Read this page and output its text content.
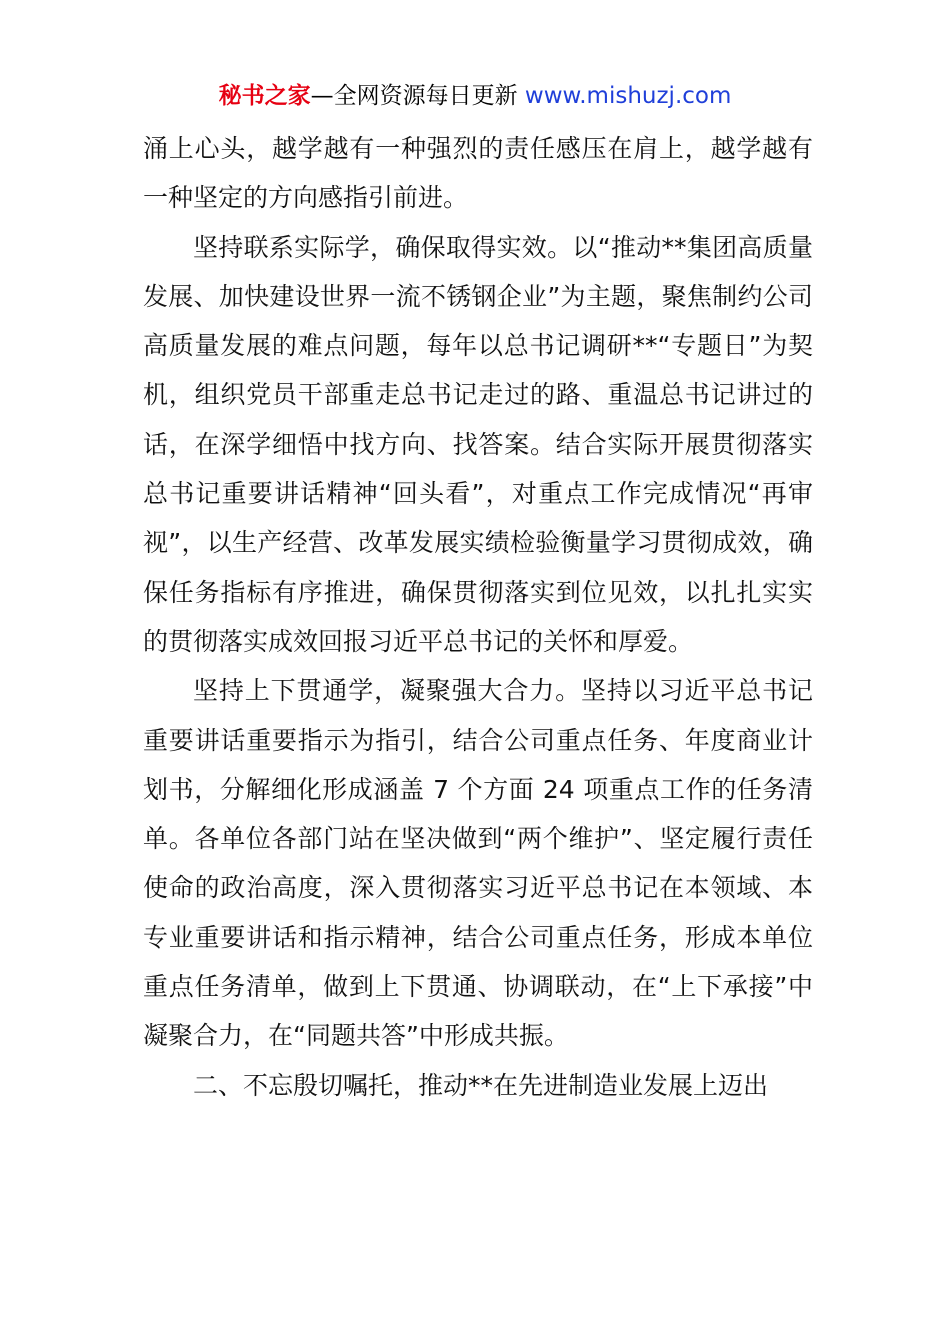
秘书之家—全网资源每日更新 www.mishuzj.com

涌上心头，越学越有一种强烈的责任感压在肩上，越学越有一种坚定的方向感指引前进。

坚持联系实际学，确保取得实效。以“推动**集团高质量发展、加快建设世界一流不锈钢企业”为主题，聚焦制约公司高质量发展的难点问题，每年以总书记调研**“专题日”为契机，组织党员干部重走总书记走过的路、重温总书记讲过的话，在深学细悟中找方向、找答案。结合实际开展贯彻落实总书记重要讲话精神“回头看”，对重点工作完成情况“再审视”，以生产经营、改革发展实绩检验衡量学习贯彻成效，确保任务指标有序推进，确保贯彻落实到位见效，以扎扎实实的贯彻落实成效回报习近平总书记的关怀和厚爱。

坚持上下贯通学，凝聚强大合力。坚持以习近平总书记重要讲话重要指示为指引，结合公司重点任务、年度商业计划书，分解细化形成涵盖 7 个方面 24 项重点工作的任务清单。各单位各部门站在坚决做到“两个维护”、坚定履行责任使命的政治高度，深入贯彻落实习近平总书记在本领域、本专业重要讲话和指示精神，结合公司重点任务，形成本单位重点任务清单，做到上下贯通、协调联动，在“上下承接”中凝聚合力，在“同题共答”中形成共振。

二、不忘殷切嘱托，推动**在先进制造业发展上迈出
